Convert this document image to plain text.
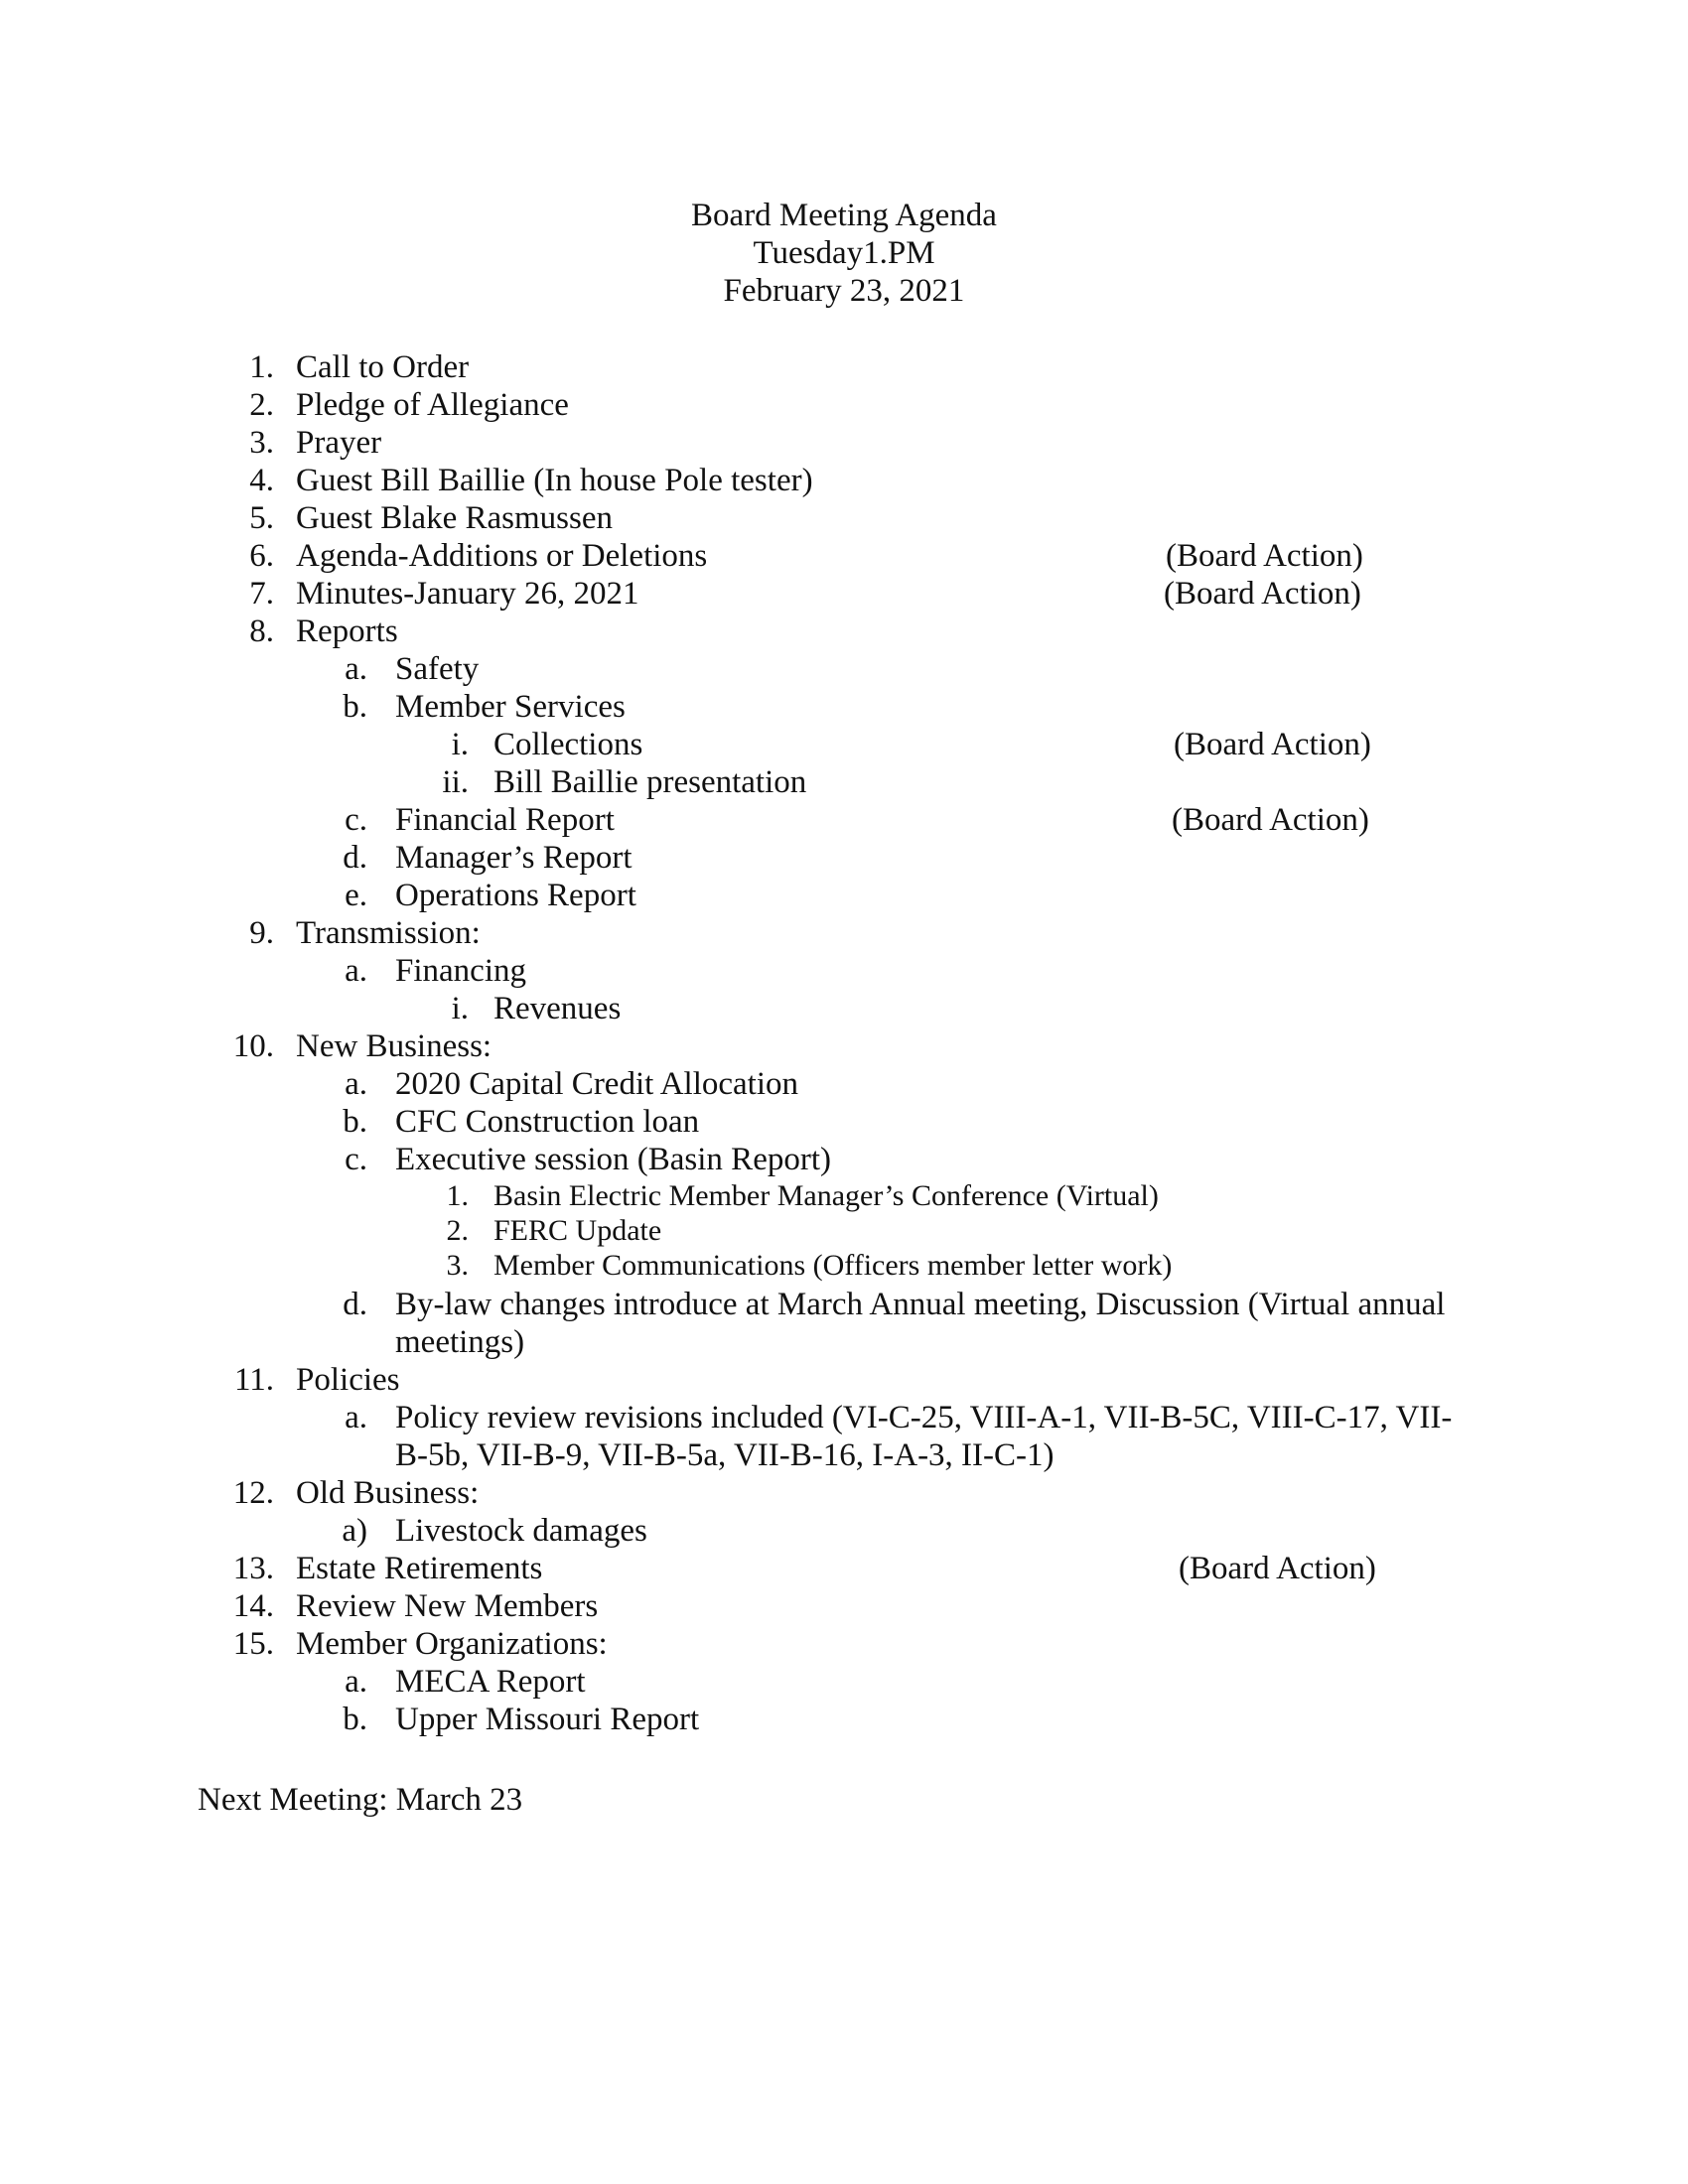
Board Meeting Agenda
Tuesday1.PM
February 23, 2021
1. Call to Order
2. Pledge of Allegiance
3. Prayer
4. Guest Bill Baillie (In house Pole tester)
5. Guest Blake Rasmussen
6. Agenda-Additions or Deletions	(Board Action)
7. Minutes-January 26, 2021	(Board Action)
8. Reports
a. Safety
b. Member Services
i. Collections	(Board Action)
ii. Bill Baillie presentation
c. Financial Report	(Board Action)
d. Manager’s Report
e. Operations Report
9. Transmission:
a. Financing
i. Revenues
10. New Business:
a. 2020 Capital Credit Allocation
b. CFC Construction loan
c. Executive session (Basin Report)
1. Basin Electric Member Manager’s Conference (Virtual)
2. FERC Update
3. Member Communications (Officers member letter work)
d. By-law changes introduce at March Annual meeting, Discussion (Virtual annual meetings)
11. Policies
a. Policy review revisions included (VI-C-25, VIII-A-1, VII-B-5C, VIII-C-17, VII-B-5b, VII-B-9, VII-B-5a, VII-B-16, I-A-3, II-C-1)
12. Old Business:
a) Livestock damages
13. Estate Retirements	(Board Action)
14. Review New Members
15. Member Organizations:
a. MECA Report
b. Upper Missouri Report
Next Meeting: March 23
